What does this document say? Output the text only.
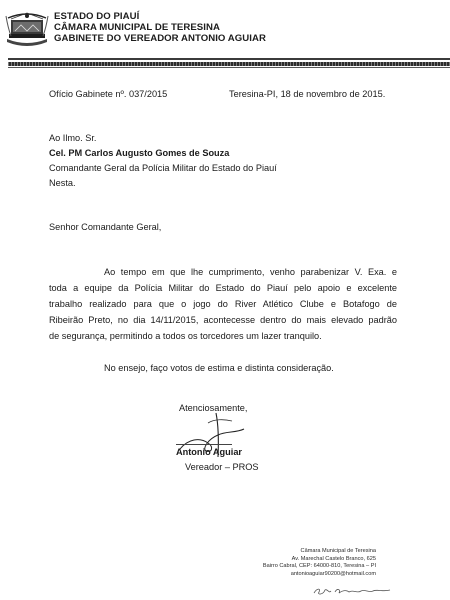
ESTADO DO PIAUÍ
CÂMARA MUNICIPAL DE TERESINA
GABINETE DO VEREADOR ANTONIO AGUIAR
Ofício Gabinete nº. 037/2015	Teresina-PI, 18 de novembro de 2015.
Ao Ilmo. Sr.
Cel. PM Carlos Augusto Gomes de Souza
Comandante Geral da Polícia Militar do Estado do Piauí
Nesta.
Senhor Comandante Geral,
Ao tempo em que lhe cumprimento, venho parabenizar V. Exa. e
toda a equipe da Polícia Militar do Estado do Piauí pelo apoio e excelente
trabalho realizado para que o jogo do River Atlético Clube e Botafogo de
Ribeirão Preto, no dia 14/11/2015, acontecesse dentro do mais elevado padrão
de segurança, permitindo a todos os torcedores um lazer tranquilo.
No ensejo, faço votos de estima e distinta consideração.
Atenciosamente,
Antonio Aguiar
Vereador – PROS
Câmara Municipal de Teresina
Av. Marechal Castelo Branco, 625
Bairro Cabral, CEP: 64000-810, Teresina – PI
antonioaguiar90200@hotmail.com
